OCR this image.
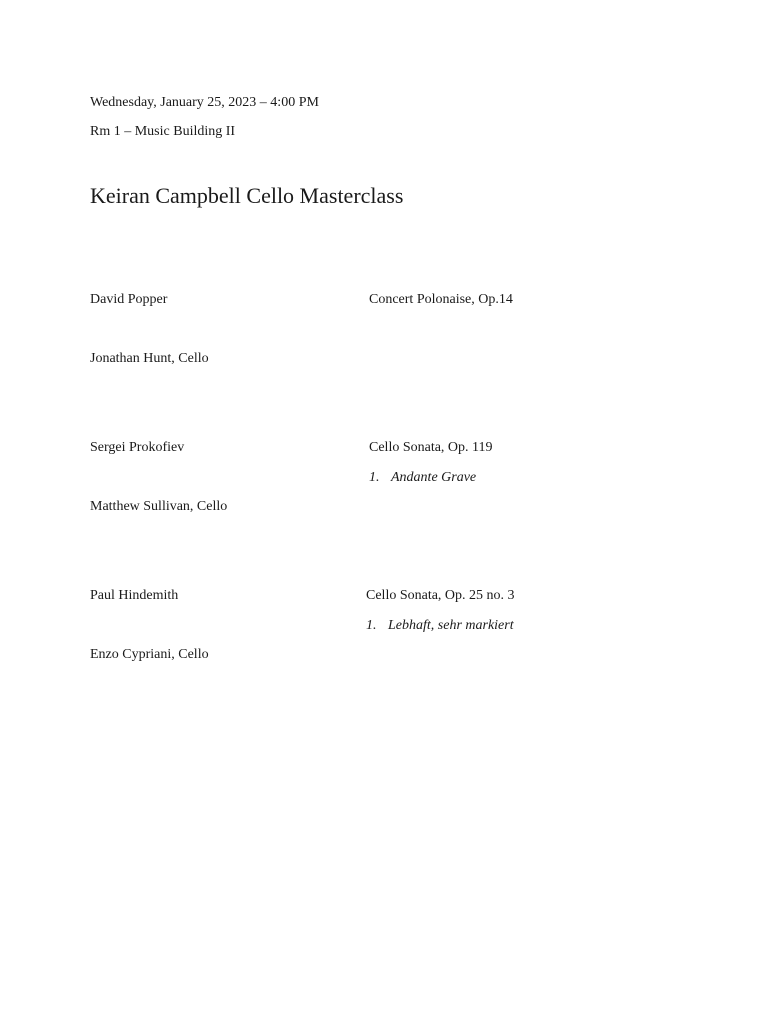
Wednesday, January 25, 2023 – 4:00 PM
Rm 1 – Music Building II
Keiran Campbell Cello Masterclass
David Popper	Concert Polonaise, Op.14
Jonathan Hunt, Cello
Sergei Prokofiev	Cello Sonata, Op. 119
1. Andante Grave
Matthew Sullivan, Cello
Paul Hindemith	Cello Sonata, Op. 25 no. 3
1. Lebhaft, sehr markiert
Enzo Cypriani, Cello
